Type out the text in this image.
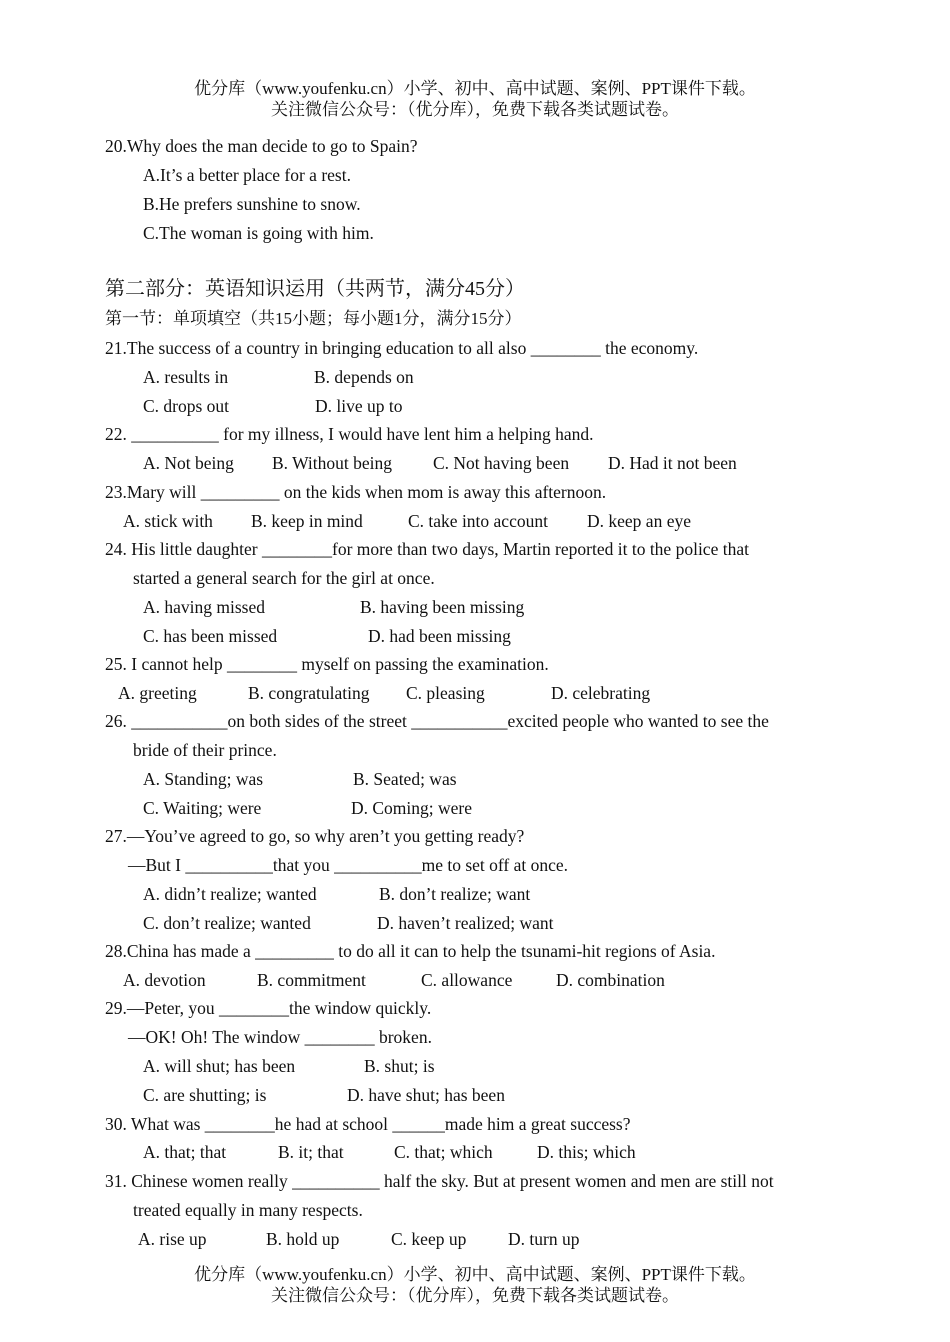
优分库（www.youfenku.cn）小学、初中、高中试题、案例、PPT课件下载。
关注微信公众号：（优分库），免费下载各类试题试卷。
20.Why does the man decide to go to Spain?
A.It’s a better place for a rest.
B.He prefers sunshine to snow.
C.The woman is going with him.
第二部分：英语知识运用（共两节，满分45分）
第一节：单项填空（共15小题；每小题1分，满分15分）
21.The success of a country in bringing education to all also ________ the economy.
A. results in	B. depends on
C. drops out	D. live up to
22. __________ for my illness, I would have lent him a helping hand.
A. Not being B. Without being C. Not having been D. Had it not been
23.Mary will _________ on the kids when mom is away this afternoon.
A. stick with B. keep in mind	C. take into account D. keep an eye
24. His little daughter ________for more than two days, Martin reported it to the police that
started a general search for the girl at once.
A. having missed	B. having been missing
C. has been missed	D. had been missing
25. I cannot help ________ myself on passing the examination.
A. greeting	B. congratulating C. pleasing	D. celebrating
26. ___________on both sides of the street ___________excited people who wanted to see the
bride of their prince.
A. Standing; was	B. Seated; was
C. Waiting; were	D. Coming; were
27.—You’ve agreed to go, so why aren’t you getting ready?
—But I __________that you __________me to set off at once.
A. didn’t realize; wanted	B. don’t realize; want
C. don’t realize; wanted	D. haven’t realized; want
28.China has made a _________ to do all it can to help the tsunami-hit regions of Asia.
A. devotion	B. commitment	C. allowance D. combination
29.—Peter, you ________the window quickly.
—OK! Oh! The window ________ broken.
A. will shut; has been	B. shut; is
C. are shutting; is	D. have shut; has been
30. What was ________he had at school ______made him a great success?
A. that; that	B. it; that	C. that; which	D. this; which
31. Chinese women really __________ half the sky. But at present women and men are still not
treated equally in many respects.
A. rise up	B. hold up	C. keep up D. turn up
优分库（www.youfenku.cn）小学、初中、高中试题、案例、PPT课件下载。
关注微信公众号：（优分库），免费下载各类试题试卷。
